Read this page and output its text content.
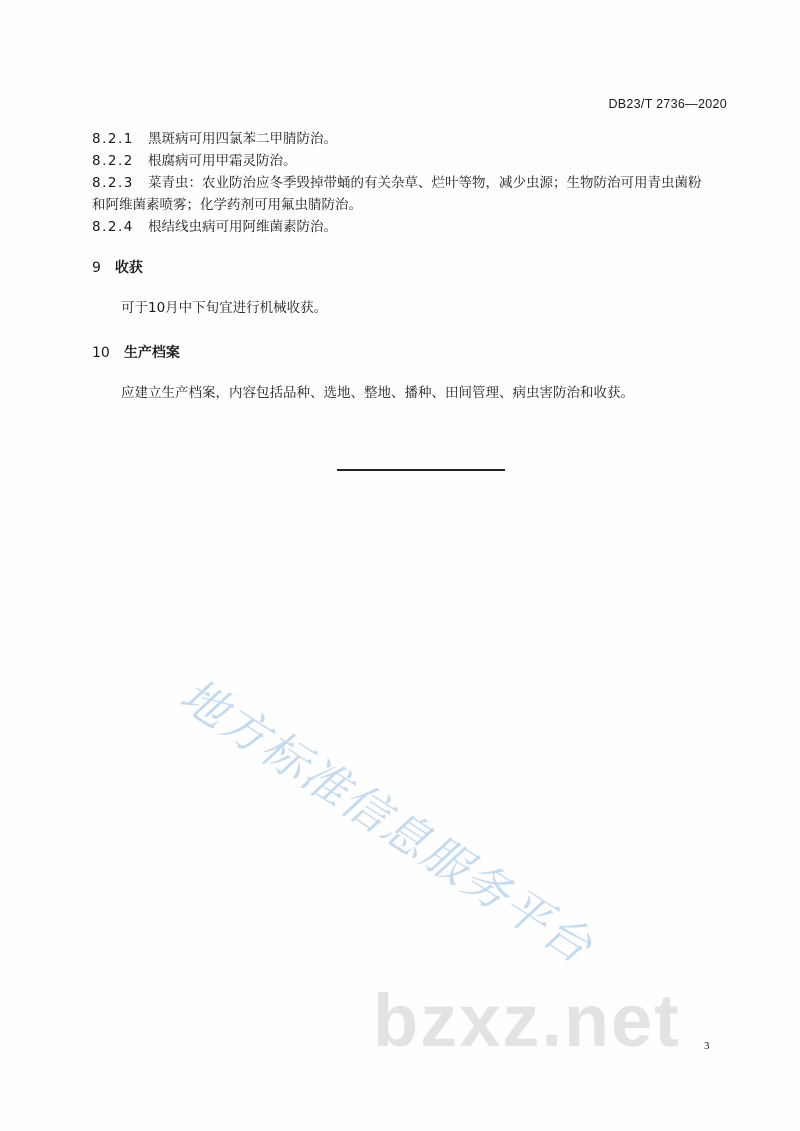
DB23/T 2736—2020
8.2.1 黑斑病可用四氯苯二甲腈防治。
8.2.2 根腐病可用甲霜灵防治。
8.2.3 菜青虫：农业防治应冬季毁掉带蛹的有关杂草、烂叶等物，减少虫源；生物防治可用青虫菌粉
和阿维菌素喷雾；化学药剂可用氟虫腈防治。
8.2.4 根结线虫病可用阿维菌素防治。
9 收获
可于10月中下旬宜进行机械收获。
10 生产档案
应建立生产档案，内容包括品种、选地、整地、播种、田间管理、病虫害防治和收获。
地方标准信息服务平台
bzxz.net 3
